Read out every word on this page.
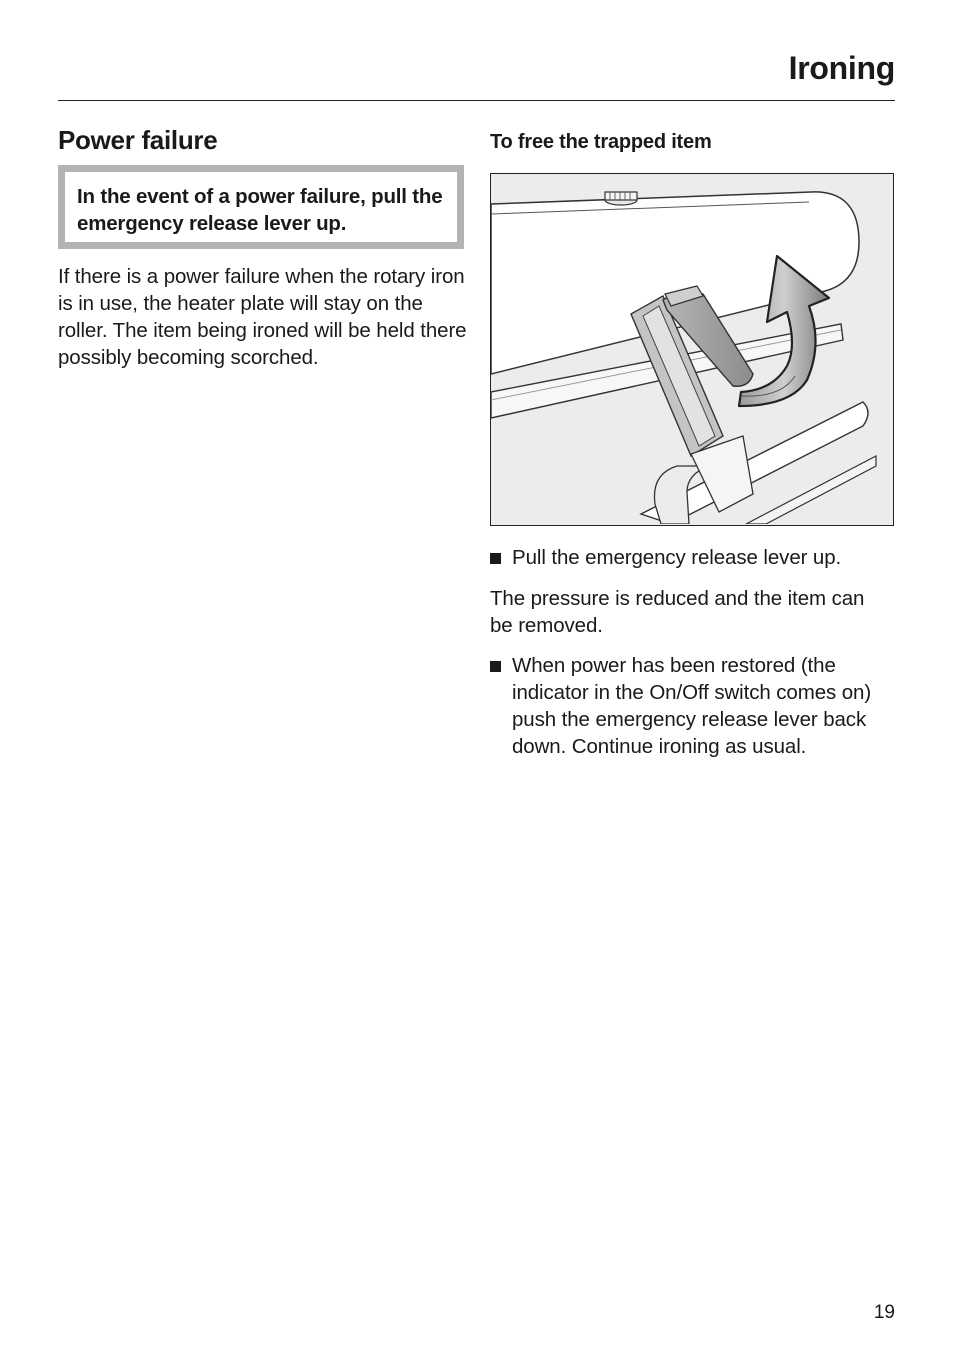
Ironing
Power failure
In the event of a power failure, pull the emergency release lever up.
If there is a power failure when the rotary iron is in use, the heater plate will stay on the roller. The item being ironed will be held there possibly becoming scorched.
To free the trapped item
Pull the emergency release lever up.
The pressure is reduced and the item can be removed.
When power has been restored (the indicator in the On/Off switch comes on) push the emergency release lever back down. Continue ironing as usual.
19
